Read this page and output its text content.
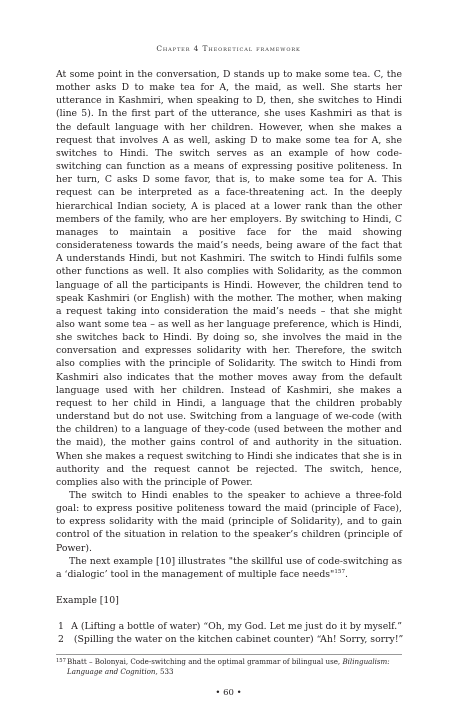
Chapter 4 Theoretical framework

At some point in the conversation, D stands up to make some tea. C, the mother asks D to make tea for A, the maid, as well. She starts her utterance in Kashmiri, when speaking to D, then, she switches to Hindi (line 5). In the first part of the utterance, she uses Kashmiri as that is the default language with her children. However, when she makes a request that involves A as well, asking D to make some tea for A, she switches to Hindi. The switch serves as an example of how code-switching can function as a means of expressing positive politeness. In her turn, C asks D some favor, that is, to make some tea for A. This request can be interpreted as a face-threatening act. In the deeply hierarchical Indian society, A is placed at a lower rank than the other members of the family, who are her employers. By switching to Hindi, C manages to maintain a positive face for the maid showing considerateness towards the maid’s needs, being aware of the fact that A understands Hindi, but not Kashmiri. The switch to Hindi fulfils some other functions as well. It also complies with Solidarity, as the common language of all the participants is Hindi. However, the children tend to speak Kashmiri (or English) with the mother. The mother, when making a request taking into consideration the maid’s needs – that she might also want some tea – as well as her language preference, which is Hindi, she switches back to Hindi. By doing so, she involves the maid in the conversation and expresses solidarity with her. Therefore, the switch also complies with the principle of Solidarity. The switch to Hindi from Kashmiri also indicates that the mother moves away from the default language used with her children. Instead of Kashmiri, she makes a request to her child in Hindi, a language that the children probably understand but do not use. Switching from a language of we-code (with the children) to a language of they-code (used between the mother and the maid), the mother gains control of and authority in the situation. When she makes a request switching to Hindi she indicates that she is in authority and the request cannot be rejected. The switch, hence, complies also with the principle of Power.

The switch to Hindi enables to the speaker to achieve a three-fold goal: to express positive politeness toward the maid (principle of Face), to express solidarity with the maid (principle of Solidarity), and to gain control of the situation in relation to the speaker’s children (principle of Power).

The next example [10] illustrates "the skillful use of code-switching as a ‘dialogic’ tool in the management of multiple face needs"$^{157}$.

Example [10]

1 A (Lifting a bottle of water) “Oh, my God. Let me just do it by myself.”
2	(Spilling the water on the kitchen cabinet counter) “Ah! Sorry, sorry!”
157 Bhatt – Bolonyai, Code-switching and the optimal grammar of bilingual use, Bilingualism: Language and Cognition, 533
• 60 •
